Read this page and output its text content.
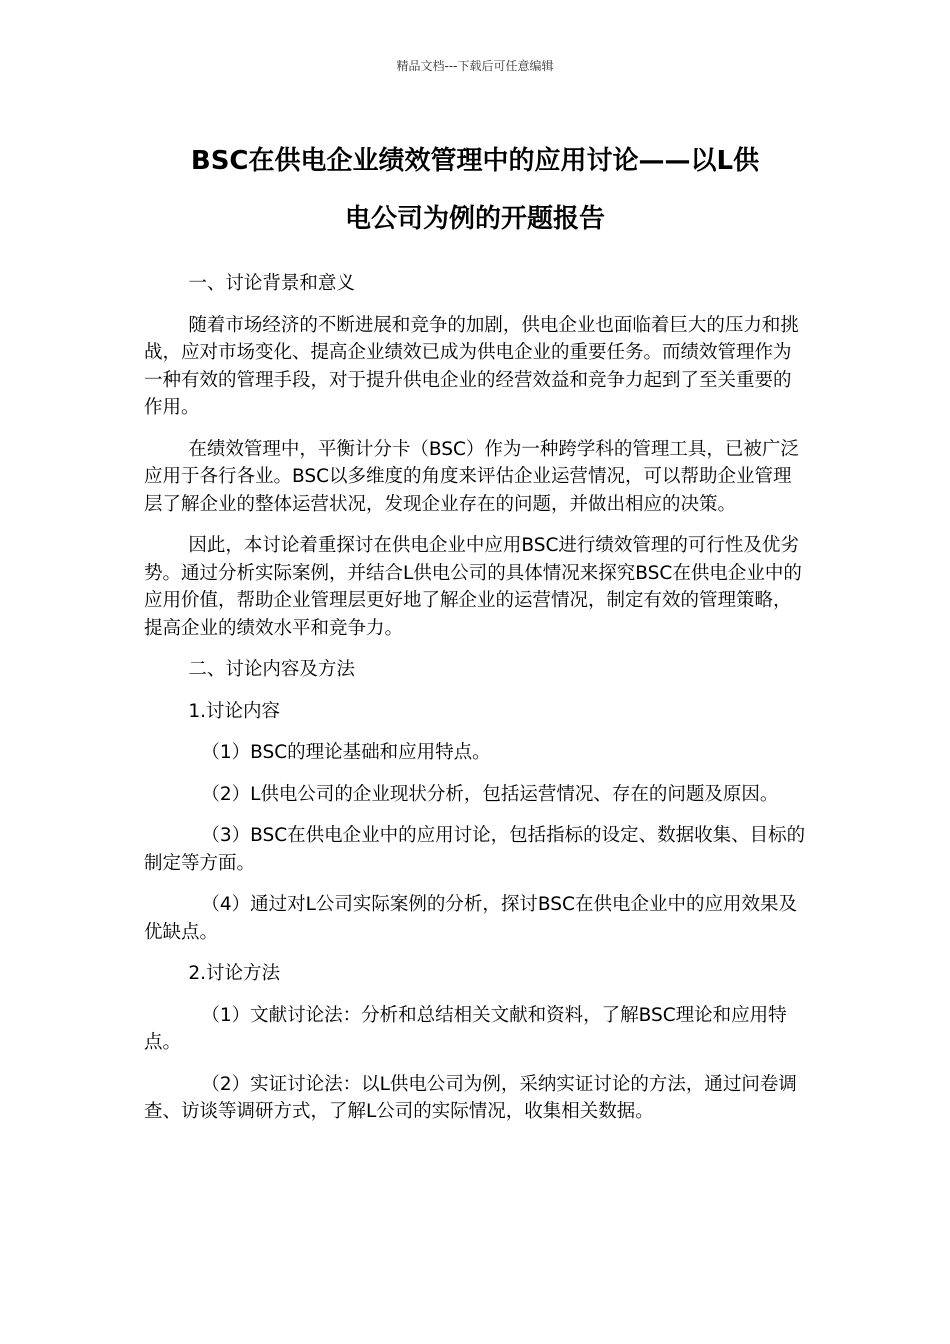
精品文档---下载后可任意编辑
BSC在供电企业绩效管理中的应用讨论——以L供
电公司为例的开题报告

一、讨论背景和意义

随着市场经济的不断进展和竞争的加剧，供电企业也面临着巨大的压力和挑战，应对市场变化、提高企业绩效已成为供电企业的重要任务。而绩效管理作为一种有效的管理手段，对于提升供电企业的经营效益和竞争力起到了至关重要的作用。

在绩效管理中，平衡计分卡（BSC）作为一种跨学科的管理工具，已被广泛应用于各行各业。BSC以多维度的角度来评估企业运营情况，可以帮助企业管理层了解企业的整体运营状况，发现企业存在的问题，并做出相应的决策。

因此，本讨论着重探讨在供电企业中应用BSC进行绩效管理的可行性及优劣势。通过分析实际案例，并结合L供电公司的具体情况来探究BSC在供电企业中的应用价值，帮助企业管理层更好地了解企业的运营情况，制定有效的管理策略，提高企业的绩效水平和竞争力。

二、讨论内容及方法

1.讨论内容

（1）BSC的理论基础和应用特点。

（2）L供电公司的企业现状分析，包括运营情况、存在的问题及原因。

（3）BSC在供电企业中的应用讨论，包括指标的设定、数据收集、目标的制定等方面。

（4）通过对L公司实际案例的分析，探讨BSC在供电企业中的应用效果及优缺点。

2.讨论方法

（1）文献讨论法：分析和总结相关文献和资料，了解BSC理论和应用特点。

（2）实证讨论法：以L供电公司为例，采纳实证讨论的方法，通过问卷调查、访谈等调研方式，了解L公司的实际情况，收集相关数据。
